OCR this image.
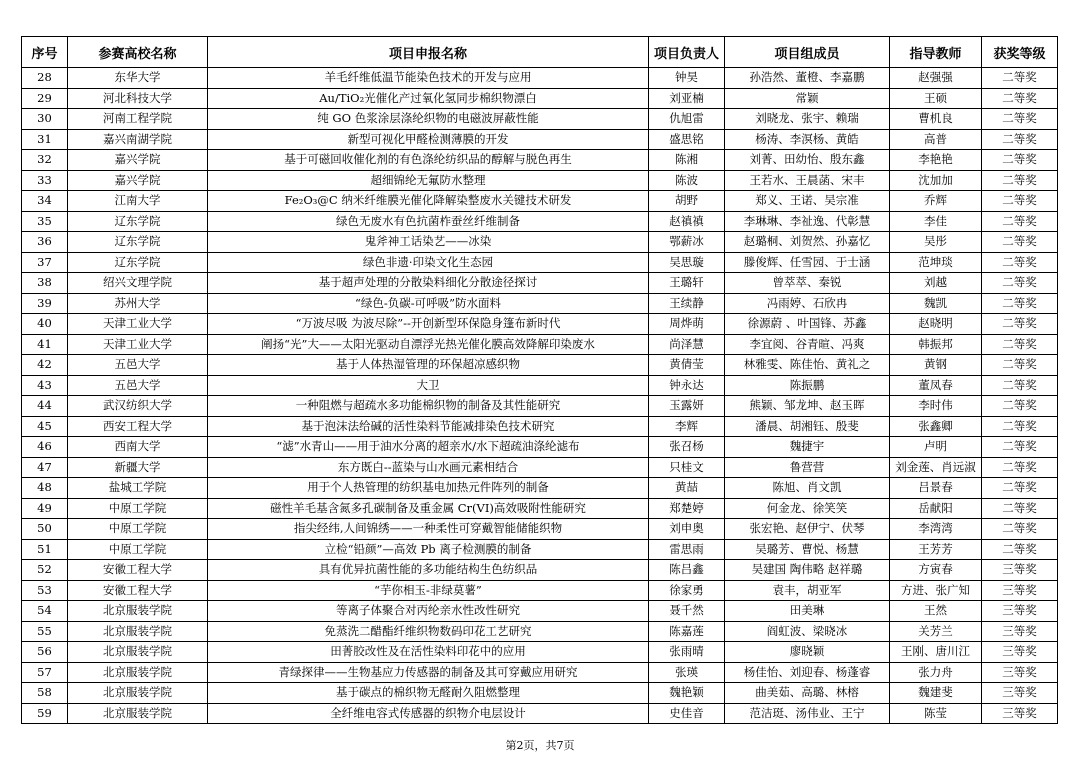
序号	参赛高校名称	项目申报名称	项目负责人	项目组成员	指导教师	获奖等级
28	东华大学	羊毛纤维低温节能染色技术的开发与应用	钟昊	孙浩然、董橙、李嘉鹏	赵强强	二等奖
29	河北科技大学	Au/TiO₂光催化产过氧化氢同步棉织物漂白	刘亚楠	常颖	王硕	二等奖
30	河南工程学院	纯 GO 色浆涂层涤纶织物的电磁波屏蔽性能	仇旭雷	刘晓龙、张宇、赖瑞	曹机良	二等奖
31	嘉兴南湖学院	新型可视化甲醛检测薄膜的开发	盛思铭	杨涛、李溟杨、黄皓	高普	二等奖
32	嘉兴学院	基于可磁回收催化剂的有色涤纶纺织品的醇解与脱色再生	陈湘	刘菁、田幼怡、殷东鑫	李艳艳	二等奖
33	嘉兴学院	超细锦纶无氟防水整理	陈波	王若水、王晨菡、宋丰	沈加加	二等奖
34	江南大学	Fe₂O₃@C 纳米纤维膜光催化降解染整废水关键技术研发	胡野	郑义、王诺、吴宗准	乔辉	二等奖
35	辽东学院	绿色无废水有色抗菌柞蚕丝纤维制备	赵禛禛	李琳琳、李祉逸、代彰慧	李佳	二等奖
36	辽东学院	鬼斧神工话染艺——冰染	鄂薪冰	赵璐桐、刘贺然、孙嘉忆	吴彤	二等奖
37	辽东学院	绿色非遗·印染文化生态园	吴思璇	滕俊辉、任雪园、于士涵	范坤琰	二等奖
38	绍兴文理学院	基于超声处理的分散染料细化分散途径探讨	王璐轩	曾萃萃、秦锐	刘越	二等奖
39	苏州大学	“绿色-负碳-可呼吸”防水面料	王续静	冯雨婷、石欣冉	魏凯	二等奖
40	天津工业大学	“万波尽吸 为波尽除”--开创新型环保隐身篷布新时代	周烨萌	徐源蔚 、叶国锋、苏鑫	赵晓明	二等奖
41	天津工业大学	阐扬“光”大——太阳光驱动自漂浮光热光催化膜高效降解印染废水	尚泽慧	李宜阅、谷青暄、冯爽	韩振邦	二等奖
42	五邑大学	基于人体热湿管理的环保超凉感织物	黄倩莹	林雅雯、陈佳怡、黄礼之	黄钢	二等奖
43	五邑大学	大卫	钟永达	陈振鹏	董凤春	二等奖
44	武汉纺织大学	一种阻燃与超疏水多功能棉织物的制备及其性能研究	玉露妍	熊颖、邹龙坤、赵玉晖	李时伟	二等奖
45	西安工程大学	基于泡沫法给碱的活性染料节能减排染色技术研究	李辉	潘晨、胡湘钰、殷斐	张鑫卿	二等奖
46	西南大学	“滤”水青山——用于油水分离的超亲水/水下超疏油涤纶滤布	张召杨	魏捷宇	卢明	二等奖
47	新疆大学	东方既白--蓝染与山水画元素相结合	只桂文	鲁营营	刘金莲、肖远淑	二等奖
48	盐城工学院	用于个人热管理的纺织基电加热元件阵列的制备	黄喆	陈旭、肖文凯	吕景春	二等奖
49	中原工学院	磁性羊毛基含氮多孔碳制备及重金属 Cr(VI)高效吸附性能研究	郑楚婷	何金龙、徐笑笑	岳献阳	二等奖
50	中原工学院	指尖经纬,人间锦绣——一种柔性可穿戴智能储能织物	刘申奥	张宏艳、赵伊宁、伏琴	李湾湾	二等奖
51	中原工学院	立检“铅颜”—高效 Pb 离子检测膜的制备	雷思雨	吴璐芳、曹悦、杨慧	王芳芳	二等奖
52	安徽工程大学	具有优异抗菌性能的多功能结构生色纺织品	陈吕鑫	吴建国 陶伟略 赵祥璐	方寅春	三等奖
53	安徽工程大学	“芋你相玉-非绿莫薯”	徐家勇	袁丰，胡亚军	方进、张广知	三等奖
54	北京服装学院	等离子体聚合对丙纶亲水性改性研究	聂千然	田美琳	王然	三等奖
55	北京服装学院	免蒸洗二醋酯纤维织物数码印花工艺研究	陈嘉莲	阎虹波、梁晓冰	关芳兰	三等奖
56	北京服装学院	田菁胶改性及在活性染料印花中的应用	张雨晴	廖晓颖	王刚、唐川江	三等奖
57	北京服装学院	青绿探律——生物基应力传感器的制备及其可穿戴应用研究	张瑛	杨佳怡、刘迎春、杨蓬睿	张力舟	三等奖
58	北京服装学院	基于碳点的棉织物无醛耐久阻燃整理	魏艳颖	曲美茹、高璐、林榕	魏建斐	三等奖
59	北京服装学院	全纤维电容式传感器的织物介电层设计	史佳音	范洁珽、汤伟业、王宁	陈莹	三等奖
第2页，共7页
